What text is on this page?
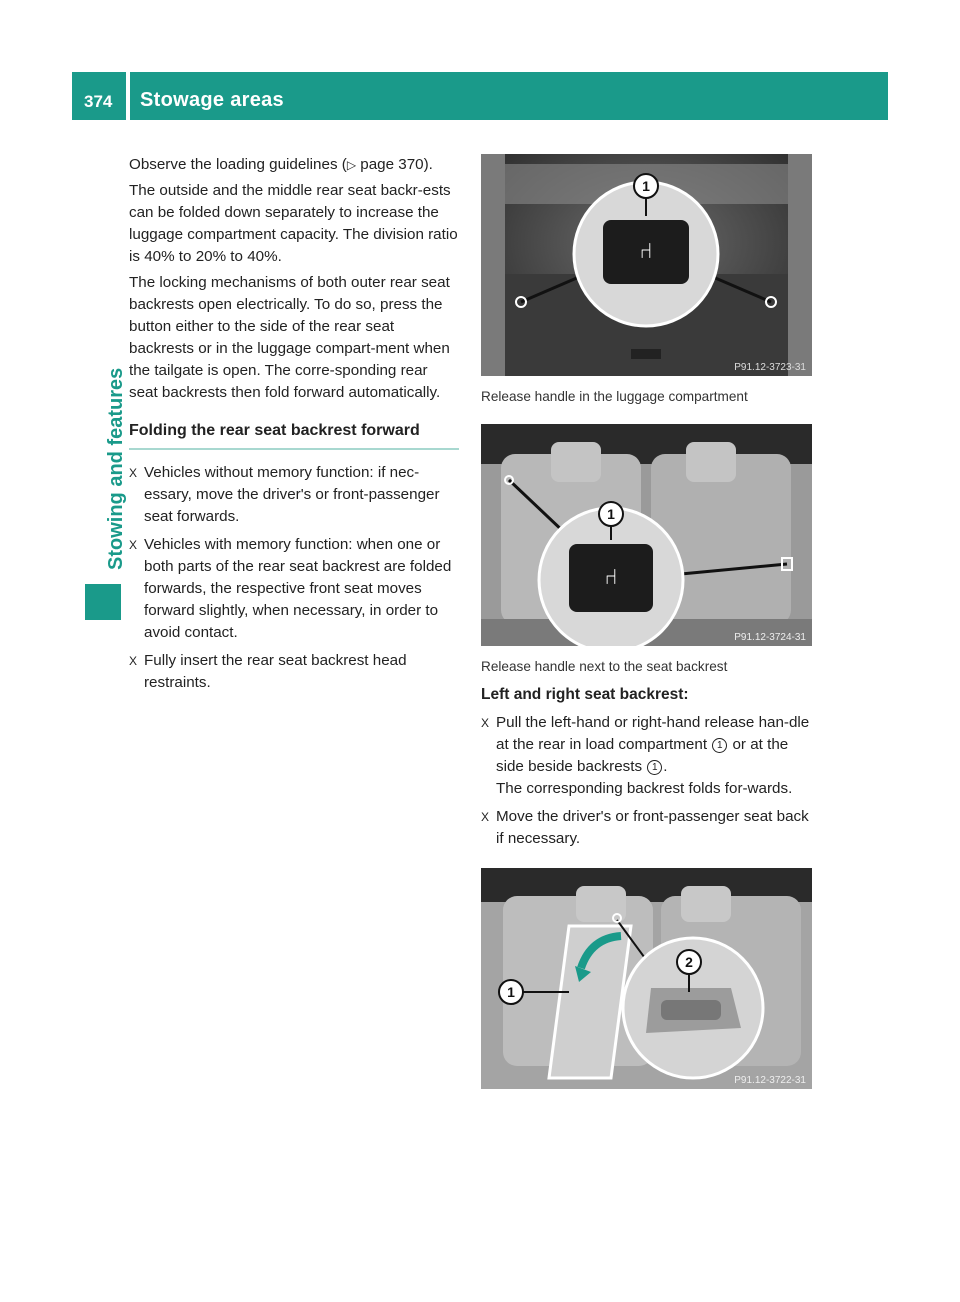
374 Stowage areas
Stowing and features

Observe the loading guidelines (▷ page 370).

The outside and the middle rear seat backr-ests can be folded down separately to increase the luggage compartment capacity. The division ratio is 40% to 20% to 40%.

The locking mechanisms of both outer rear seat backrests open electrically. To do so, press the button either to the side of the rear seat backrests or in the luggage compart-ment when the tailgate is open. The corre-sponding rear seat backrests then fold forward automatically.

Folding the rear seat backrest forward
X Vehicles without memory function: if nec-essary, move the driver's or front-passenger seat forwards.
X Vehicles with memory function: when one or both parts of the rear seat backrest are folded forwards, the respective front seat moves forward slightly, when necessary, in order to avoid contact.
X Fully insert the rear seat backrest head restraints.
⑁
1
P91.12-3723-31

Release handle in the luggage compartment

⑁
1
P91.12-3724-31

Release handle next to the seat backrest

Left and right seat backrest:
X Pull the left-hand or right-hand release han-dle at the rear in load compartment 1 or at the side beside backrests 1 .
The corresponding backrest folds for-wards.
X Move the driver's or front-passenger seat back if necessary.
1
2
P91.12-3722-31
